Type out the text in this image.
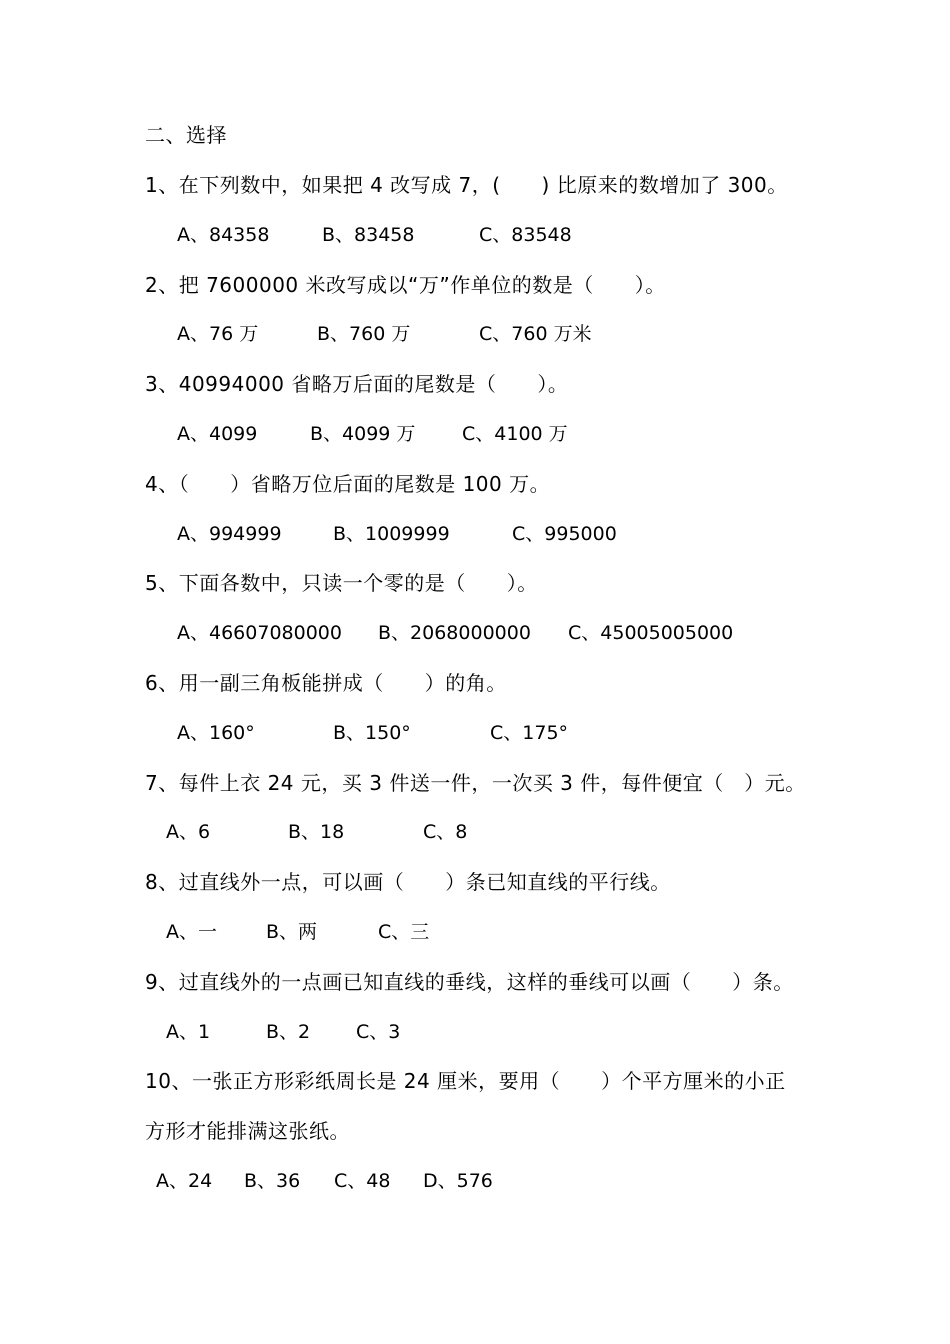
二、选择
1、在下列数中，如果把 4 改写成 7，(　　) 比原来的数增加了 300。
A、84358	B、83458	C、83548
2、把 7600000 米改写成以“万”作单位的数是（　　）。
A、76 万	B、760 万	C、760 万米
3、40994000 省略万后面的尾数是（　　）。
A、4099	B、4099 万 C、4100 万
4、（　　）省略万位后面的尾数是 100 万。
A、994999	B、1009999	C、995000
5、下面各数中，只读一个零的是（　　）。
A、46607080000 B、2068000000 C、45005005000
6、用一副三角板能拼成（　　）的角。
A、160°	B、150°	C、175°
7、每件上衣 24 元，买 3 件送一件，一次买 3 件，每件便宜（　）元。
A、6	B、18	C、8
8、过直线外一点，可以画（　　）条已知直线的平行线。
A、一	B、两	C、三
9、过直线外的一点画已知直线的垂线，这样的垂线可以画（　　）条。
A、1	B、2 C、3
10、一张正方形彩纸周长是 24 厘米，要用（　　）个平方厘米的小正
方形才能排满这张纸。
A、24 B、36 C、48 D、576
